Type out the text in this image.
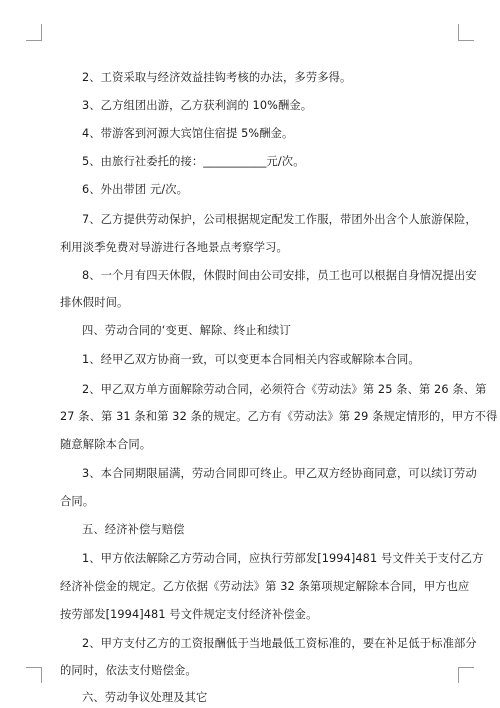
2、工资采取与经济效益挂钩考核的办法，多劳多得。
3、乙方组团出游，乙方获利润的 10%酬金。
4、带游客到河源大宾馆住宿提 5%酬金。
5、由旅行社委托的接：___________元/次。
6、外出带团 元/次。
7、乙方提供劳动保护，公司根据规定配发工作服，带团外出含个人旅游保险，
利用淡季免费对导游进行各地景点考察学习。
8、一个月有四天休假，休假时间由公司安排，员工也可以根据自身情况提出安
排休假时间。
四、劳动合同的‘变更、解除、终止和续订
1、经甲乙双方协商一致，可以变更本合同相关内容或解除本合同。
2、甲乙双方单方面解除劳动合同，必须符合《劳动法》第 25 条、第 26 条、第
27 条、第 31 条和第 32 条的规定。乙方有《劳动法》第 29 条规定情形的，甲方不得
随意解除本合同。
3、本合同期限届满，劳动合同即可终止。甲乙双方经协商同意，可以续订劳动
合同。
五、经济补偿与赔偿
1、甲方依法解除乙方劳动合同，应执行劳部发[1994]481 号文件关于支付乙方
经济补偿金的规定。乙方依据《劳动法》第 32 条第项规定解除本合同，甲方也应
按劳部发[1994]481 号文件规定支付经济补偿金。
2、甲方支付乙方的工资报酬低于当地最低工资标准的，要在补足低于标准部分
的同时，依法支付赔偿金。
六、劳动争议处理及其它
